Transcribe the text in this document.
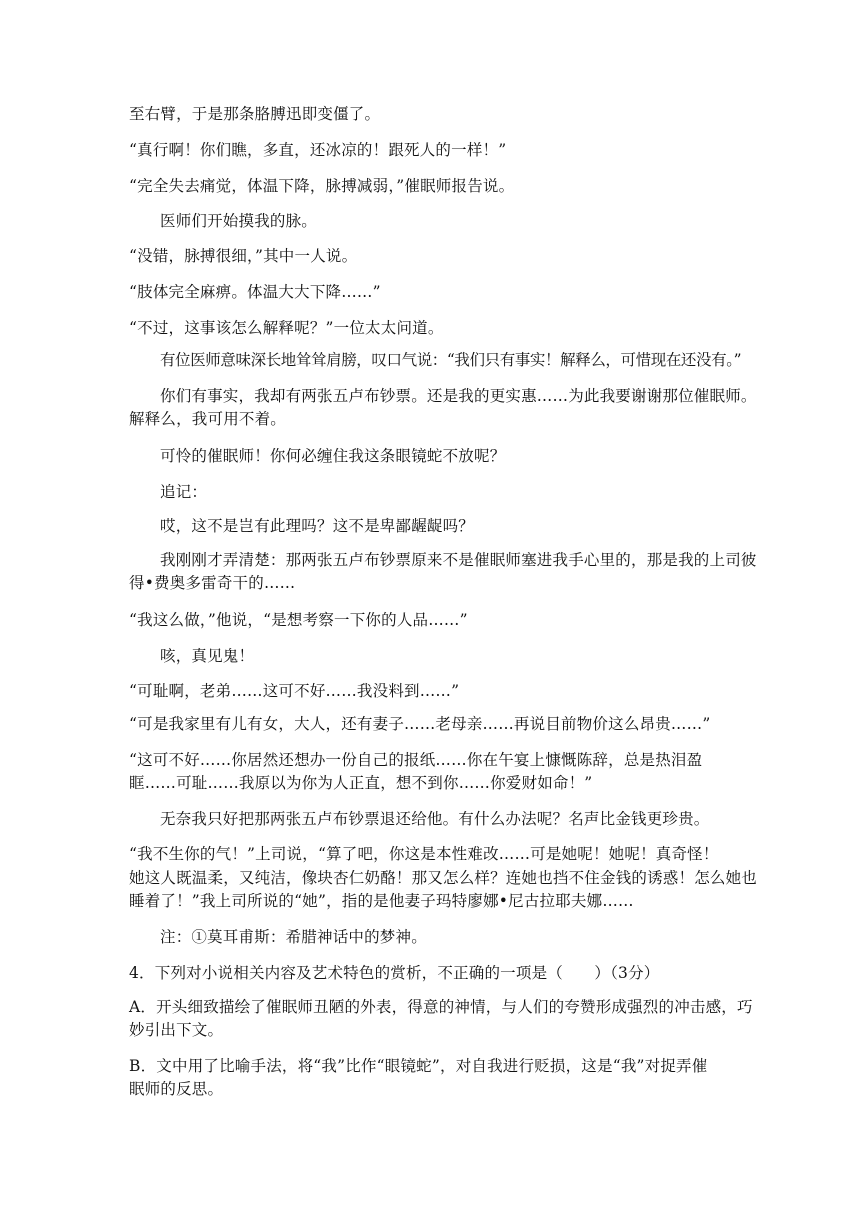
至右臂，于是那条胳膊迅即变僵了。
“真行啊！你们瞧，多直，还冰凉的！跟死人的一样！”
“完全失去痛觉，体温下降，脉搏减弱，”催眠师报告说。
医师们开始摸我的脉。
“没错，脉搏很细，”其中一人说。
“肢体完全麻痹。体温大大下降……”
“不过，这事该怎么解释呢？”一位太太问道。
有位医师意味深长地耸耸肩膀，叹口气说：“我们只有事实！解释么，可惜现在还没有。”
你们有事实，我却有两张五卢布钞票。还是我的更实惠……为此我要谢谢那位催眠师。
解释么，我可用不着。
可怜的催眠师！你何必缠住我这条眼镜蛇不放呢？
追记：
哎，这不是岂有此理吗？这不是卑鄙龌龊吗？
我刚刚才弄清楚：那两张五卢布钞票原来不是催眠师塞进我手心里的，那是我的上司彼
得•费奥多雷奇干的……
“我这么做，”他说，“是想考察一下你的人品……”
咳，真见鬼！
“可耻啊，老弟……这可不好……我没料到……”
“可是我家里有儿有女，大人，还有妻子……老母亲……再说目前物价这么昂贵……”
“这可不好……你居然还想办一份自己的报纸……你在午宴上慷慨陈辞，总是热泪盈
眶……可耻……我原以为你为人正直，想不到你……你爱财如命！”
无奈我只好把那两张五卢布钞票退还给他。有什么办法呢？名声比金钱更珍贵。
“我不生你的气！”上司说，“算了吧，你这是本性难改……可是她呢！她呢！真奇怪！
她这人既温柔，又纯洁，像块杏仁奶酪！那又怎么样？连她也挡不住金钱的诱惑！怎么她也
睡着了！”我上司所说的“她”，指的是他妻子玛特廖娜•尼古拉耶夫娜……
注：①莫耳甫斯：希腊神话中的梦神。
4．下列对小说相关内容及艺术特色的赏析，不正确的一项是（　　）（3分）
A．开头细致描绘了催眠师丑陋的外表，得意的神情，与人们的夸赞形成强烈的冲击感，巧
妙引出下文。
B．文中用了比喻手法，将“我”比作“眼镜蛇”，对自我进行贬损，这是“我”对捉弄催
眠师的反思。
